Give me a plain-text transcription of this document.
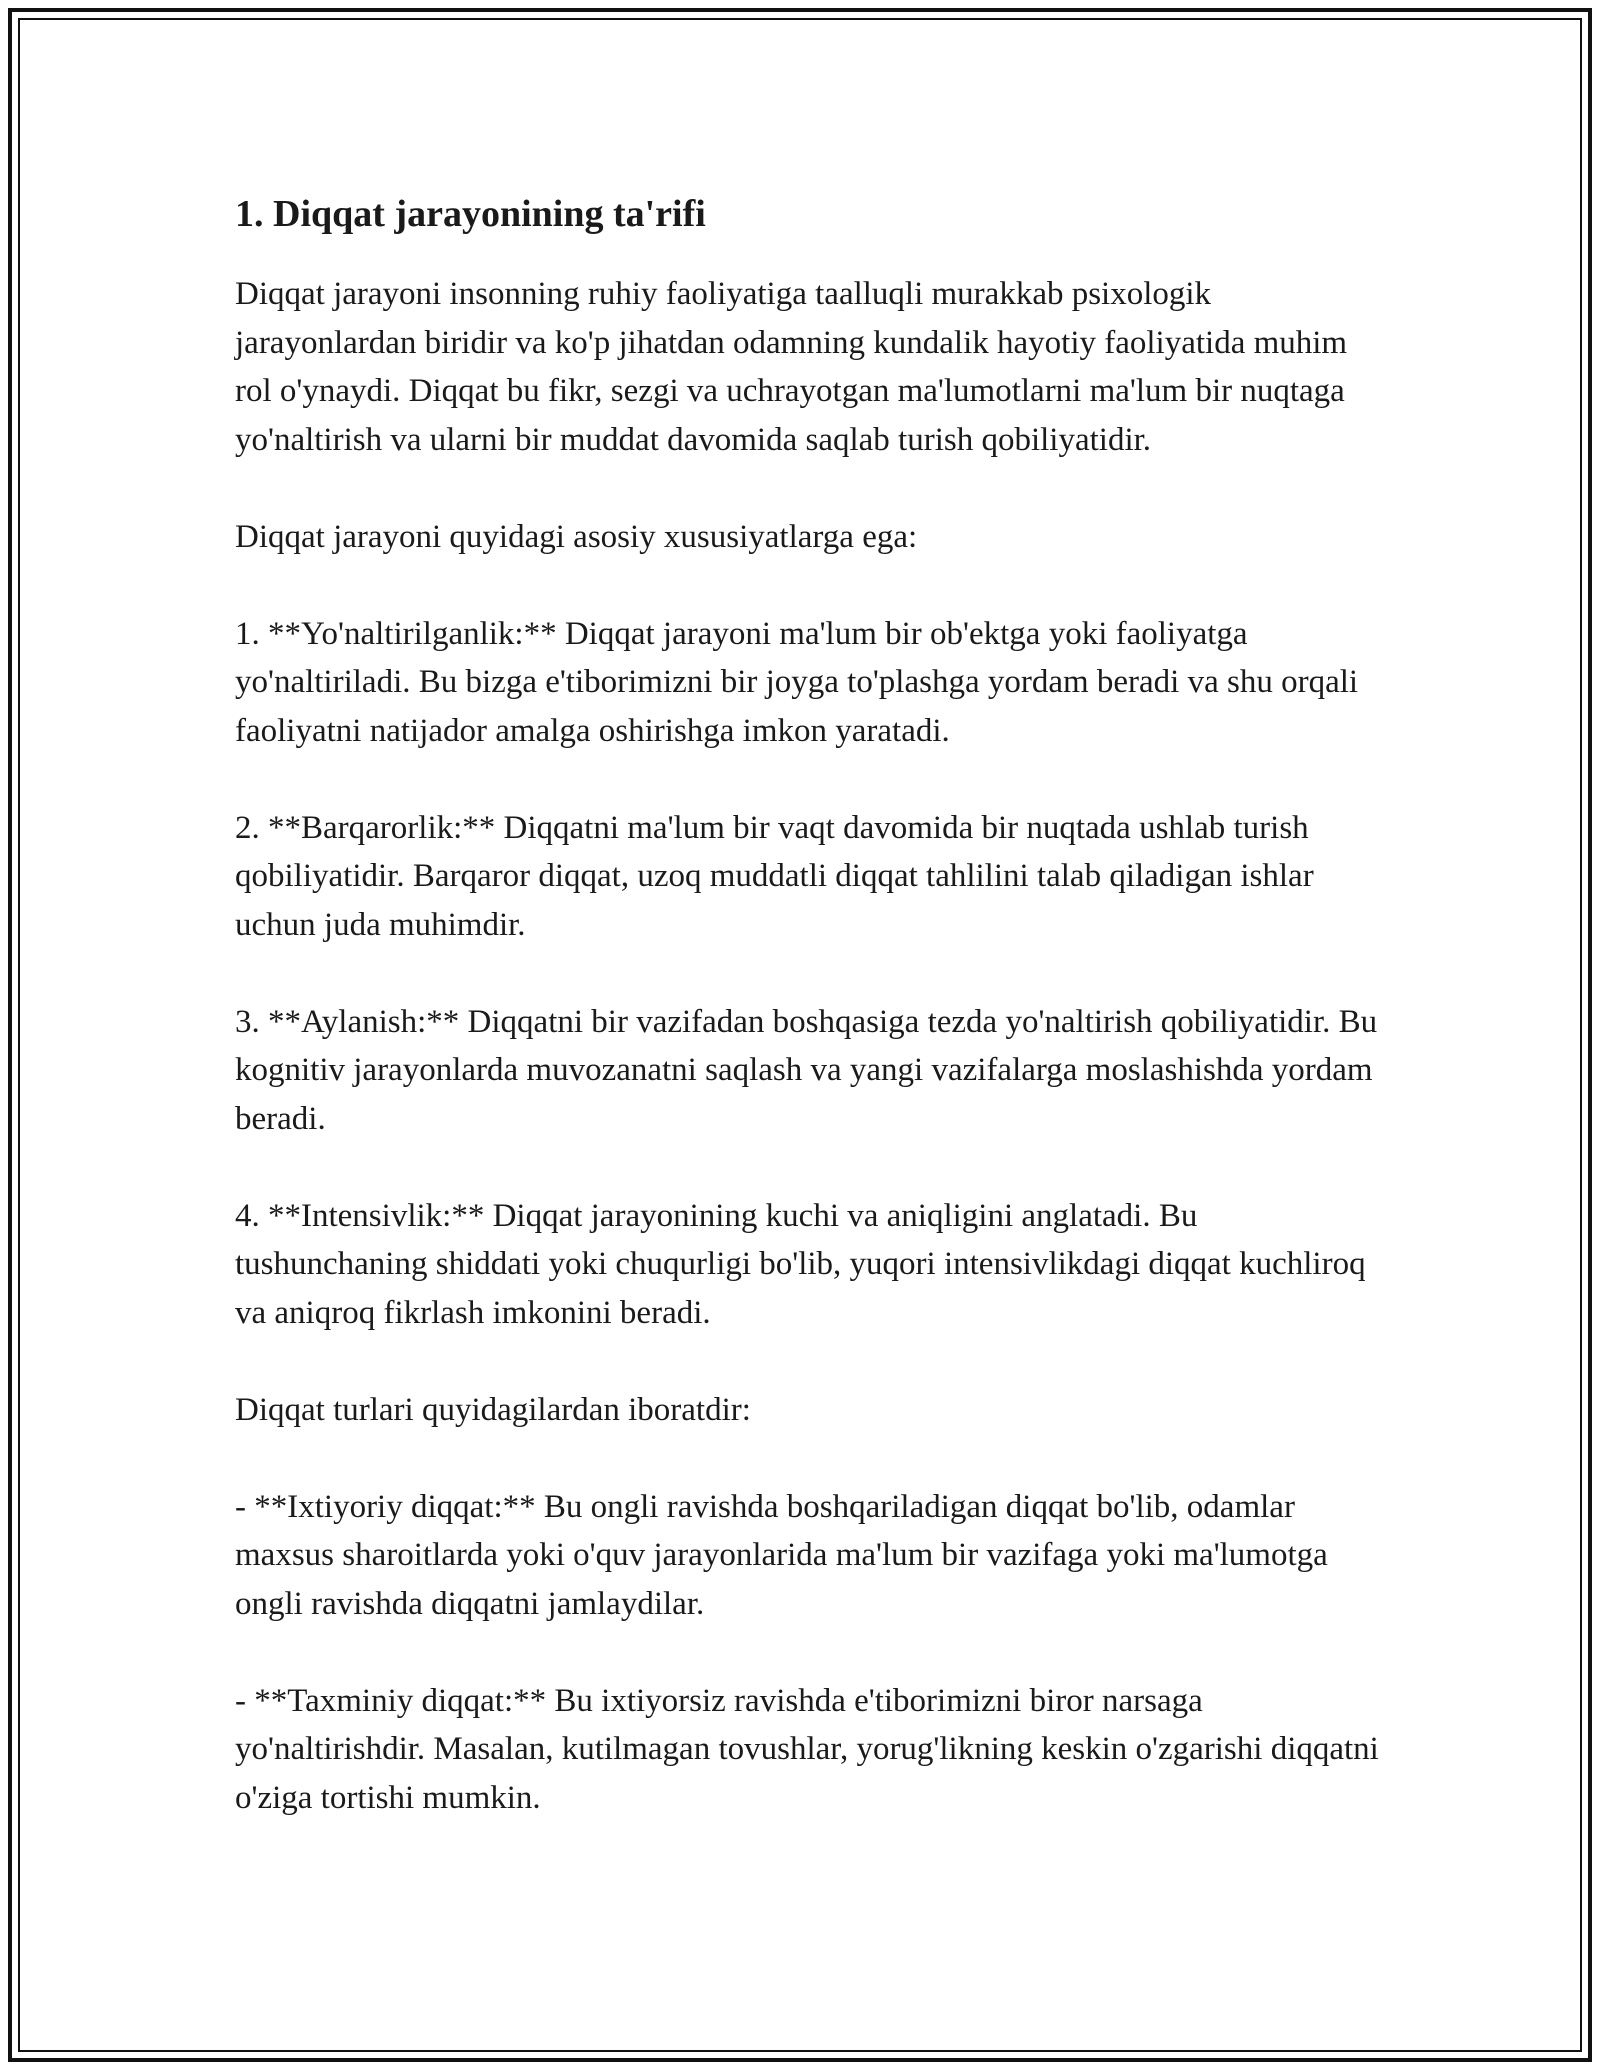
1. Diqqat jarayonining ta'rifi

Diqqat jarayoni insonning ruhiy faoliyatiga taalluqli murakkab psixologik jarayonlardan biridir va ko'p jihatdan odamning kundalik hayotiy faoliyatida muhim rol o'ynaydi. Diqqat bu fikr, sezgi va uchrayotgan ma'lumotlarni ma'lum bir nuqtaga yo'naltirish va ularni bir muddat davomida saqlab turish qobiliyatidir.

Diqqat jarayoni quyidagi asosiy xususiyatlarga ega:

1. **Yo'naltirilganlik:** Diqqat jarayoni ma'lum bir ob'ektga yoki faoliyatga yo'naltiriladi. Bu bizga e'tiborimizni bir joyga to'plashga yordam beradi va shu orqali faoliyatni natijador amalga oshirishga imkon yaratadi.

2. **Barqarorlik:** Diqqatni ma'lum bir vaqt davomida bir nuqtada ushlab turish qobiliyatidir. Barqaror diqqat, uzoq muddatli diqqat tahlilini talab qiladigan ishlar uchun juda muhimdir.

3. **Aylanish:** Diqqatni bir vazifadan boshqasiga tezda yo'naltirish qobiliyatidir. Bu kognitiv jarayonlarda muvozanatni saqlash va yangi vazifalarga moslashishda yordam beradi.

4. **Intensivlik:** Diqqat jarayonining kuchi va aniqligini anglatadi. Bu tushunchaning shiddati yoki chuqurligi bo'lib, yuqori intensivlikdagi diqqat kuchliroq va aniqroq fikrlash imkonini beradi.

Diqqat turlari quyidagilardan iboratdir:

- **Ixtiyoriy diqqat:** Bu ongli ravishda boshqariladigan diqqat bo'lib, odamlar maxsus sharoitlarda yoki o'quv jarayonlarida ma'lum bir vazifaga yoki ma'lumotga ongli ravishda diqqatni jamlaydilar.

- **Taxminiy diqqat:** Bu ixtiyorsiz ravishda e'tiborimizni biror narsaga yo'naltirishdir. Masalan, kutilmagan tovushlar, yorug'likning keskin o'zgarishi diqqatni o'ziga tortishi mumkin.
